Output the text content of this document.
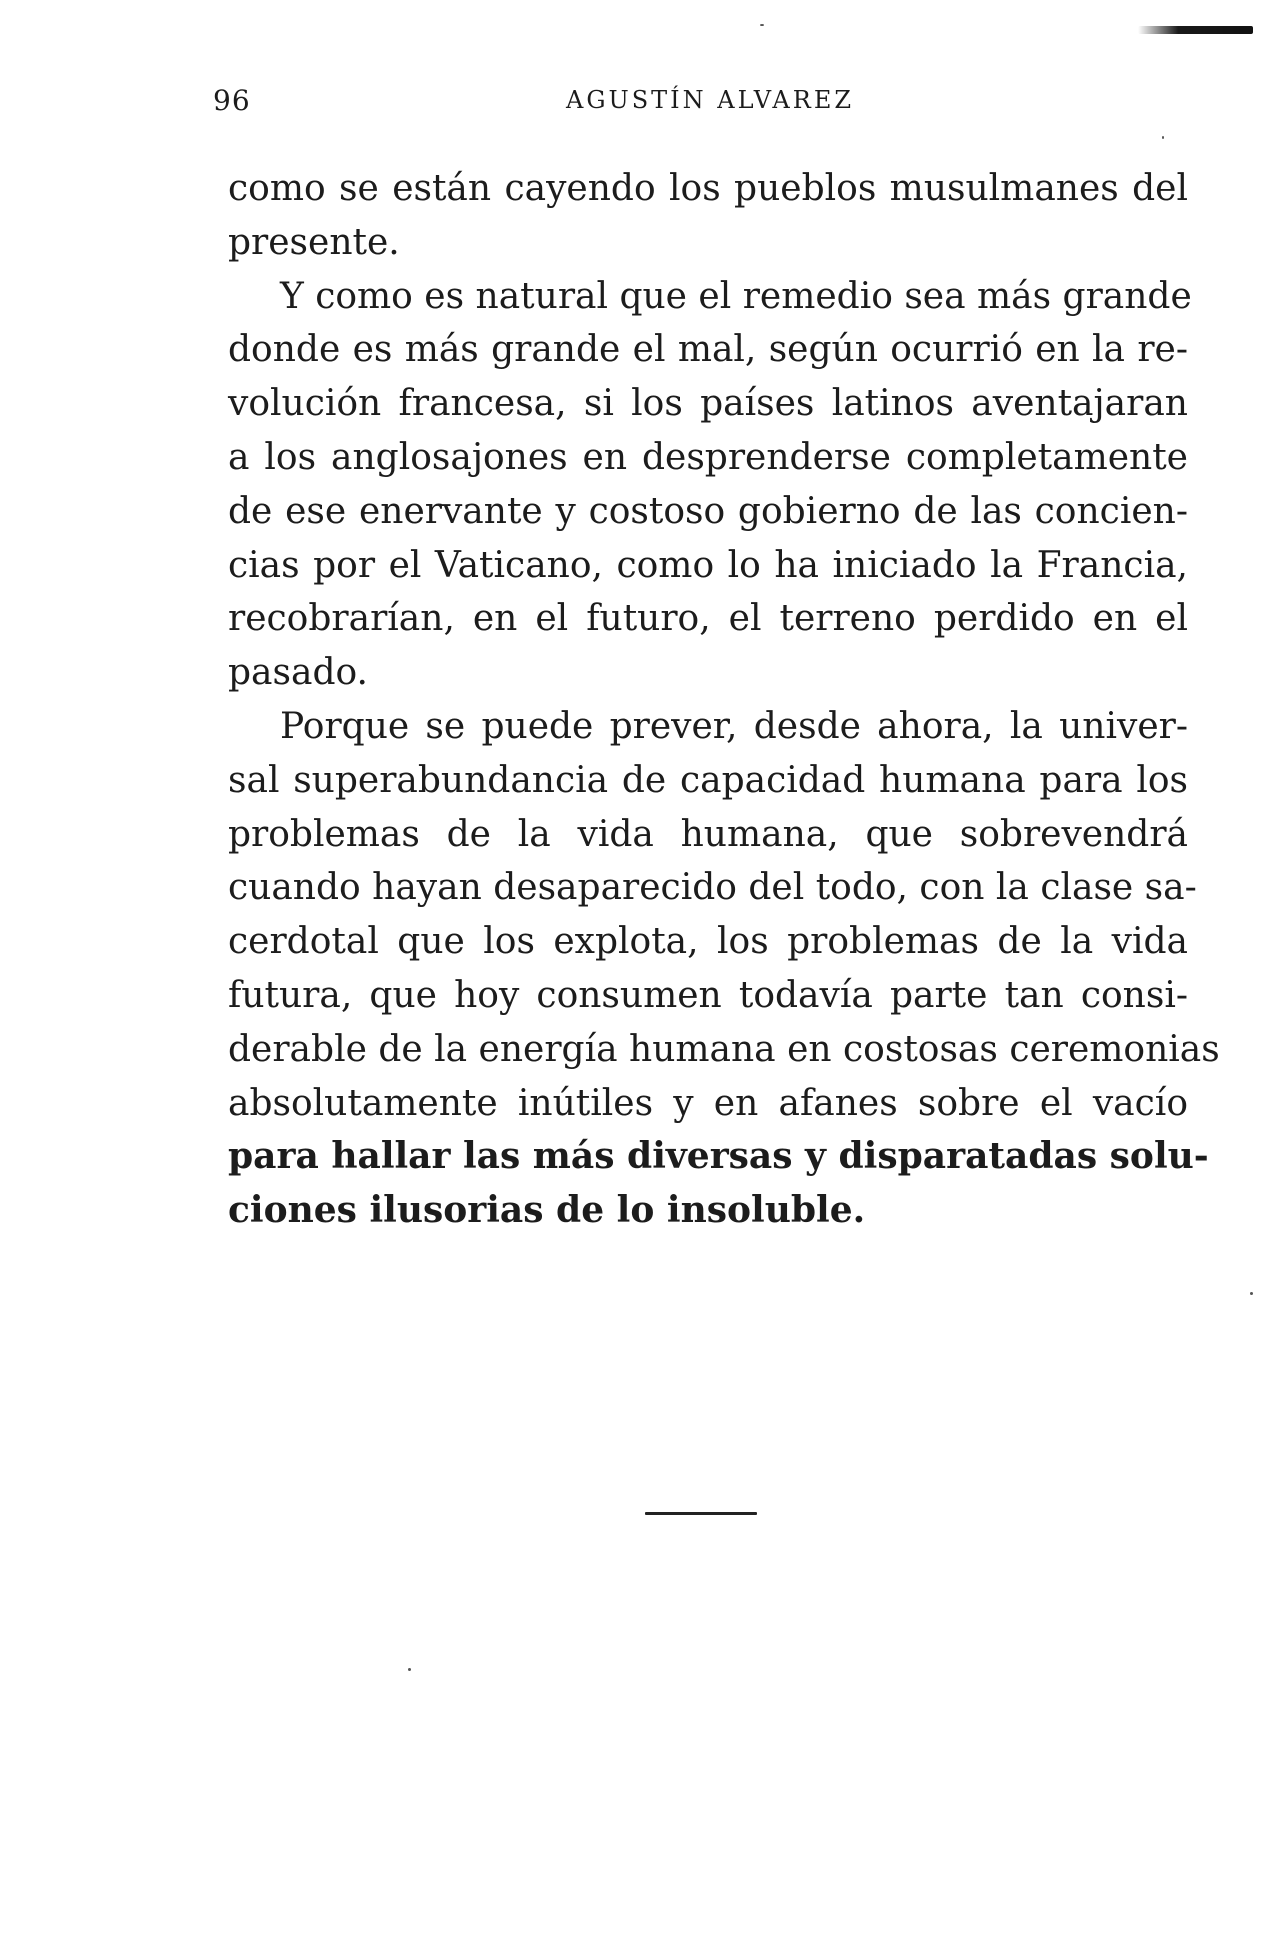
96	AGUSTÍN ALVAREZ
como se están cayendo los pueblos musulmanes del
presente.
Y como es natural que el remedio sea más grande
donde es más grande el mal, según ocurrió en la re-
volución francesa, si los países latinos aventajaran
a los anglosajones en desprenderse completamente
de ese enervante y costoso gobierno de las concien-
cias por el Vaticano, como lo ha iniciado la Francia,
recobrarían, en el futuro, el terreno perdido en el
pasado.
Porque se puede prever, desde ahora, la univer-
sal superabundancia de capacidad humana para los
problemas de la vida humana, que sobrevendrá
cuando hayan desaparecido del todo, con la clase sa-
cerdotal que los explota, los problemas de la vida
futura, que hoy consumen todavía parte tan consi-
derable de la energía humana en costosas ceremonias
absolutamente inútiles y en afanes sobre el vacío
para hallar las más diversas y disparatadas solu-
ciones ilusorias de lo insoluble.
